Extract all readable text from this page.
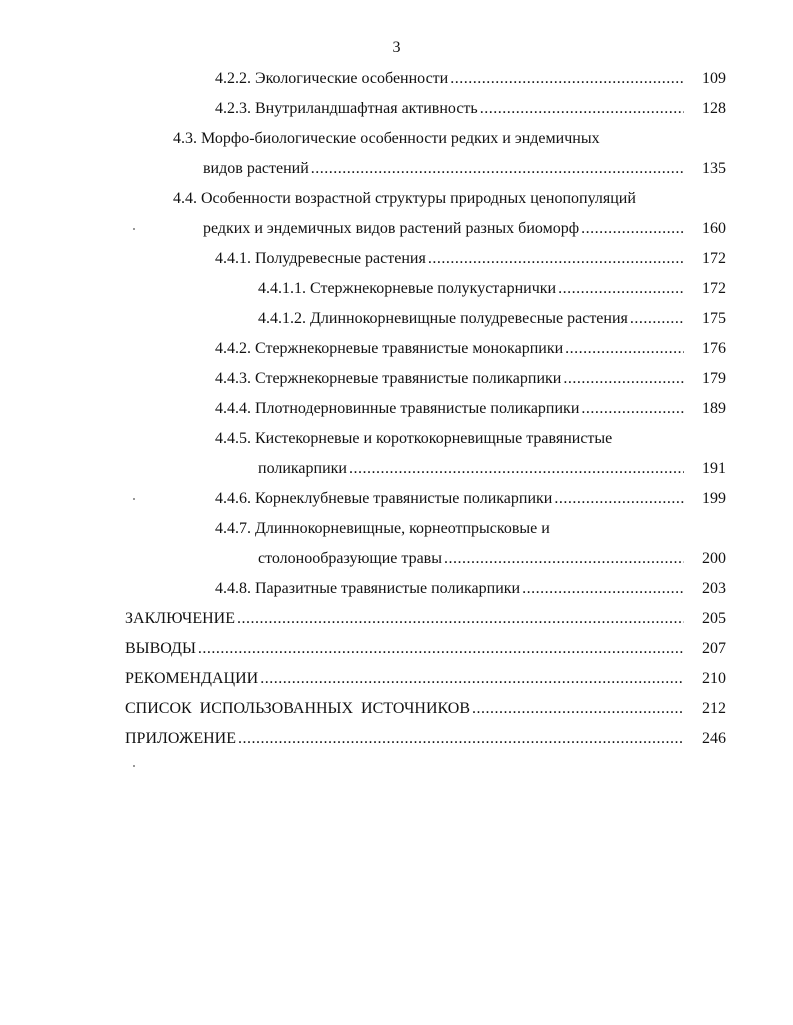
3
4.2.2. Экологические особенности .....	109
4.2.3. Внутриландшафтная активность .....	128
4.3. Морфо-биологические особенности редких и эндемичных
видов растений .....	135
4.4. Особенности возрастной структуры природных ценопопуляций
редких и эндемичных видов растений разных биоморф .....	160
4.4.1. Полудревесные растения .....	172
4.4.1.1. Стержнекорневые полукустарнички .....	172
4.4.1.2. Длиннокорневищные полудревесные растения .....	175
4.4.2. Стержнекорневые травянистые монокарпики .....	176
4.4.3. Стержнекорневые травянистые поликарпики .....	179
4.4.4. Плотнодерновинные травянистые поликарпики .....	189
4.4.5. Кистекорневые и короткокорневищные травянистые
поликарпики .....	191
4.4.6. Корнеклубневые травянистые поликарпики .....	199
4.4.7. Длиннокорневищные, корнеотпрысковые и
столонообразующие травы .....	200
4.4.8. Паразитные травянистые поликарпики .....	203
ЗАКЛЮЧЕНИЕ .....	205
ВЫВОДЫ .....	207
РЕКОМЕНДАЦИИ .....	210
СПИСОК  ИСПОЛЬЗОВАННЫХ  ИСТОЧНИКОВ .....	212
ПРИЛОЖЕНИЕ .....	246
